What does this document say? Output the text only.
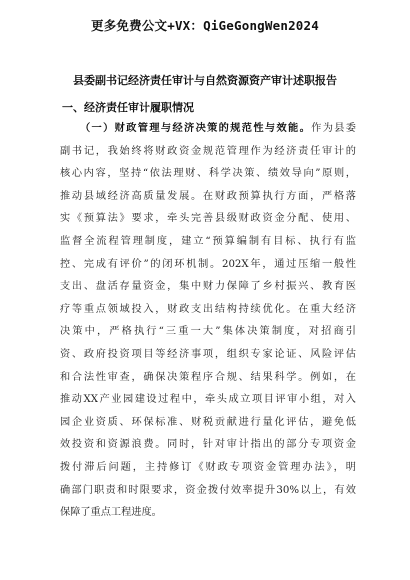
更多免费公文+VX：QiGeGongWen2024
县委副书记经济责任审计与自然资源资产审计述职报告
一、经济责任审计履职情况
（一）财政管理与经济决策的规范性与效能。作为县委
副书记，我始终将财政资金规范管理作为经济责任审计的
核心内容，坚持“依法理财、科学决策、绩效导向”原则，
推动县域经济高质量发展。在财政预算执行方面，严格落
实《预算法》要求，牵头完善县级财政资金分配、使用、
监督全流程管理制度，建立“预算编制有目标、执行有监
控、完成有评价”的闭环机制。202X年，通过压缩一般性
支出、盘活存量资金，集中财力保障了乡村振兴、教育医
疗等重点领域投入，财政支出结构持续优化。在重大经济
决策中，严格执行“三重一大”集体决策制度，对招商引
资、政府投资项目等经济事项，组织专家论证、风险评估
和合法性审查，确保决策程序合规、结果科学。例如，在
推动XX产业园建设过程中，牵头成立项目评审小组，对入
园企业资质、环保标准、财税贡献进行量化评估，避免低
效投资和资源浪费。同时，针对审计指出的部分专项资金
拨付滞后问题，主持修订《财政专项资金管理办法》，明
确部门职责和时限要求，资金拨付效率提升30%以上，有效
保障了重点工程进度。
